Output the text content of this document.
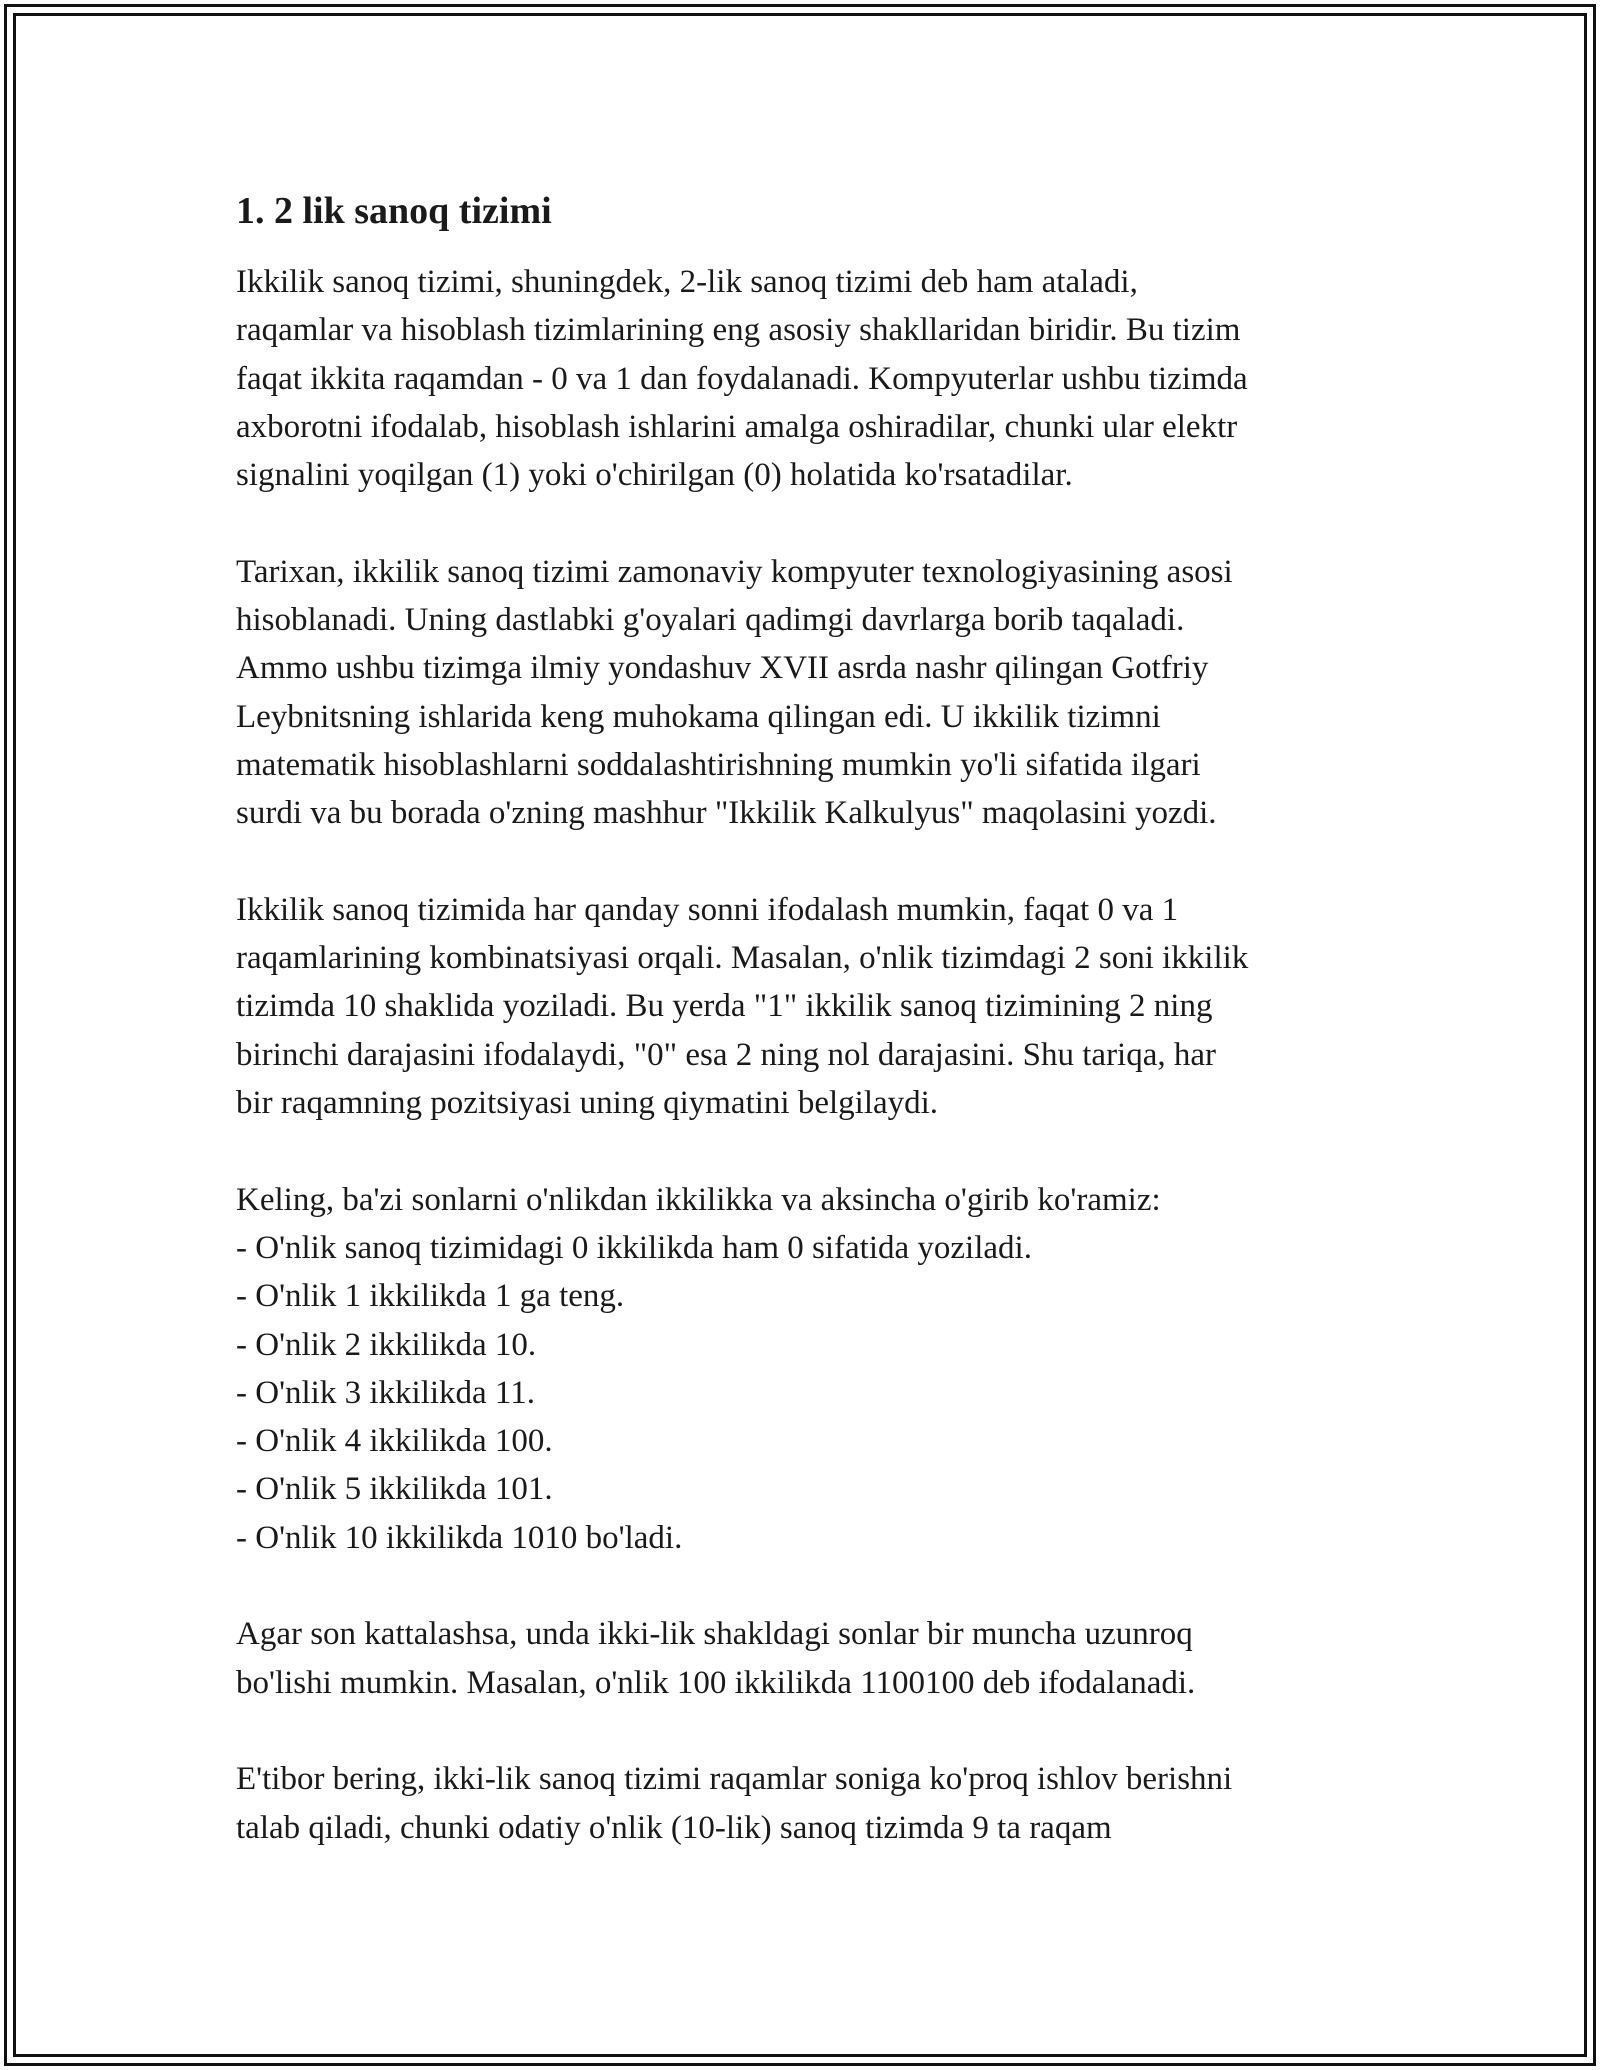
1. 2 lik sanoq tizimi
Ikkilik sanoq tizimi, shuningdek, 2-lik sanoq tizimi deb ham ataladi,
raqamlar va hisoblash tizimlarining eng asosiy shakllaridan biridir. Bu tizim
faqat ikkita raqamdan - 0 va 1 dan foydalanadi. Kompyuterlar ushbu tizimda
axborotni ifodalab, hisoblash ishlarini amalga oshiradilar, chunki ular elektr
signalini yoqilgan (1) yoki o'chirilgan (0) holatida ko'rsatadilar.
Tarixan, ikkilik sanoq tizimi zamonaviy kompyuter texnologiyasining asosi
hisoblanadi. Uning dastlabki g'oyalari qadimgi davrlarga borib taqaladi.
Ammo ushbu tizimga ilmiy yondashuv XVII asrda nashr qilingan Gotfriy
Leybnitsning ishlarida keng muhokama qilingan edi. U ikkilik tizimni
matematik hisoblashlarni soddalashtirishning mumkin yo'li sifatida ilgari
surdi va bu borada o'zning mashhur "Ikkilik Kalkulyus" maqolasini yozdi.
Ikkilik sanoq tizimida har qanday sonni ifodalash mumkin, faqat 0 va 1
raqamlarining kombinatsiyasi orqali. Masalan, o'nlik tizimdagi 2 soni ikkilik
tizimda 10 shaklida yoziladi. Bu yerda "1" ikkilik sanoq tizimining 2 ning
birinchi darajasini ifodalaydi, "0" esa 2 ning nol darajasini. Shu tariqa, har
bir raqamning pozitsiyasi uning qiymatini belgilaydi.
Keling, ba'zi sonlarni o'nlikdan ikkilikka va aksincha o'girib ko'ramiz:
- O'nlik sanoq tizimidagi 0 ikkilikda ham 0 sifatida yoziladi.
- O'nlik 1 ikkilikda 1 ga teng.
- O'nlik 2 ikkilikda 10.
- O'nlik 3 ikkilikda 11.
- O'nlik 4 ikkilikda 100.
- O'nlik 5 ikkilikda 101.
- O'nlik 10 ikkilikda 1010 bo'ladi.
Agar son kattalashsa, unda ikki-lik shakldagi sonlar bir muncha uzunroq
bo'lishi mumkin. Masalan, o'nlik 100 ikkilikda 1100100 deb ifodalanadi.
E'tibor bering, ikki-lik sanoq tizimi raqamlar soniga ko'proq ishlov berishni
talab qiladi, chunki odatiy o'nlik (10-lik) sanoq tizimda 9 ta raqam
